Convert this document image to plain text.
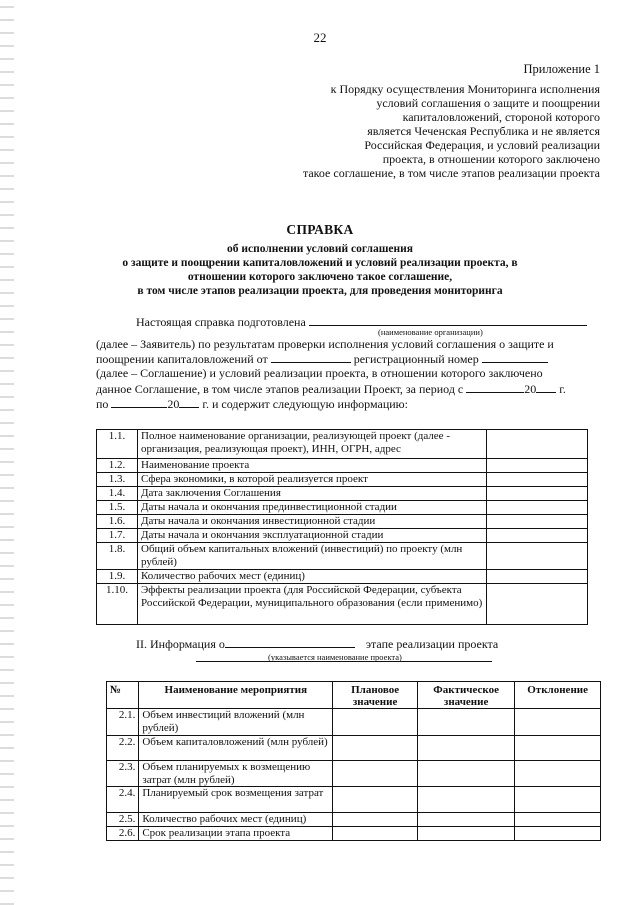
22
Приложение 1
к Порядку осуществления Мониторинга исполнения
условий соглашения о защите и поощрении
капиталовложений, стороной которого
является Чеченская Республика и не является
Российская Федерация, и условий реализации
проекта, в отношении которого заключено
такое соглашение, в том числе этапов реализации проекта
СПРАВКА
об исполнении условий соглашения
о защите и поощрении капиталовложений и условий реализации проекта, в
отношении которого заключено такое соглашение,
в том числе этапов реализации проекта, для проведения мониторинга
Настоящая справка подготовлена
(наименование организации)
(далее – Заявитель) по результатам проверки исполнения условий соглашения о защите и
поощрении капиталовложений от	регистрационный номер
(далее – Соглашение) и условий реализации проекта, в отношении которого заключено
данное Соглашение, в том числе этапов реализации Проект, за период с	20 г.
по	20 г. и содержит следующую информацию:
1.1.	Полное наименование организации, реализующей проект (далее - организация, реализующая проект), ИНН, ОГРН, адрес	
1.2.	Наименование проекта	
1.3.	Сфера экономики, в которой реализуется проект	
1.4.	Дата заключения Соглашения	
1.5.	Даты начала и окончания прединвестиционной стадии	
1.6.	Даты начала и окончания инвестиционной стадии	
1.7.	Даты начала и окончания эксплуатационной стадии	
1.8.	Общий объем капитальных вложений (инвестиций) по проекту (млн рублей)	
1.9.	Количество рабочих мест (единиц)	
1.10.	Эффекты реализации проекта (для Российской Федерации, субъекта Российской Федерации, муниципального образования (если применимо)	
II. Информация о	этапе реализации проекта
(указывается наименование проекта)
№	Наименование мероприятия	Плановое значение	Фактическое значение	Отклонение
2.1.	Объем инвестиций вложений (млн рублей)			
2.2.	Объем капиталовложений (млн рублей)			
2.3.	Объем планируемых к возмещению затрат (млн рублей)			
2.4.	Планируемый срок возмещения затрат			
2.5.	Количество рабочих мест (единиц)			
2.6.	Срок реализации этапа проекта			
